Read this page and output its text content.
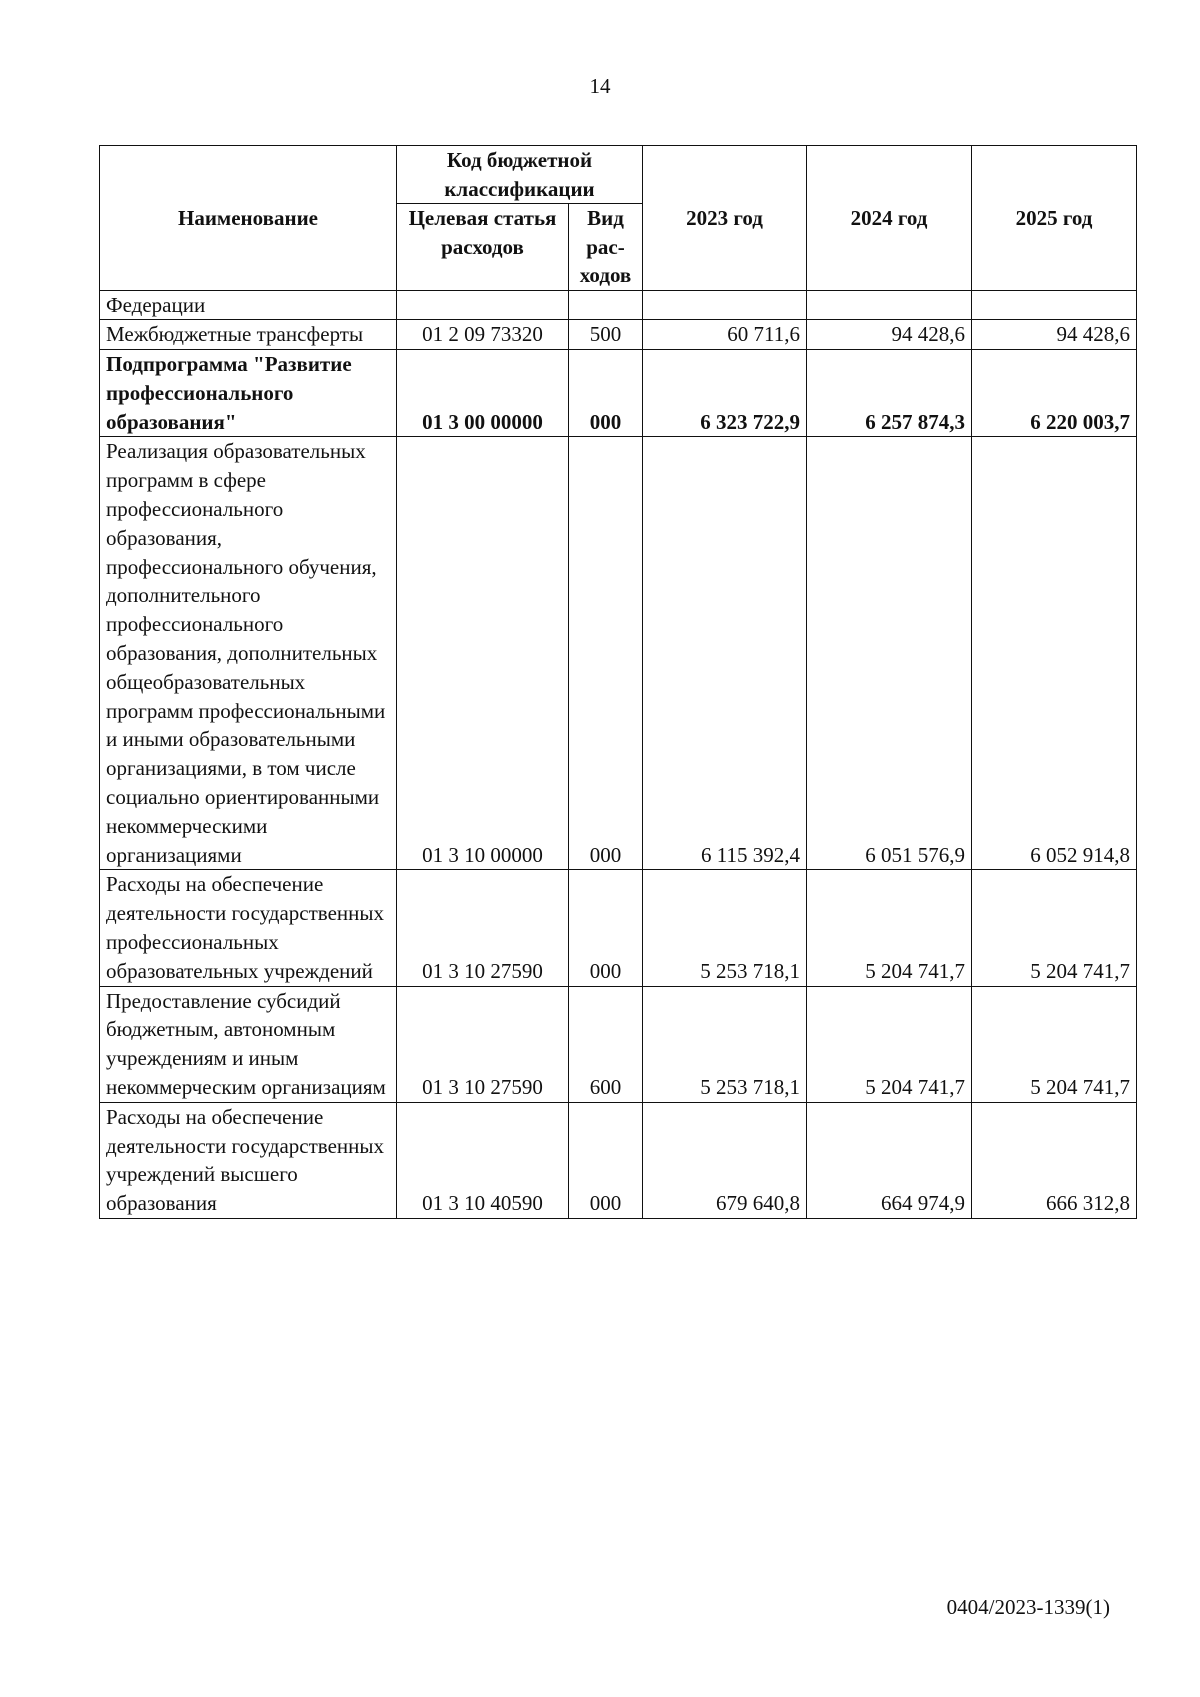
14
Наименование	Код бюджетной классификации		2023 год	2024 год	2025 год
	Целевая статья расходов	Вид рас-ходов			
Федерации					
Межбюджетные трансферты	01 2 09 73320	500	60 711,6	94 428,6	94 428,6
Подпрограмма "Развитие профессионального образования"	01 3 00 00000	000	6 323 722,9	6 257 874,3	6 220 003,7
Реализация образовательных программ в сфере профессионального образования, профессионального обучения, дополнительного профессионального образования, дополнительных общеобразовательных программ профессиональными и иными образовательными организациями, в том числе социально ориентированными некоммерческими организациями	01 3 10 00000	000	6 115 392,4	6 051 576,9	6 052 914,8
Расходы на обеспечение деятельности государственных профессиональных образовательных учреждений	01 3 10 27590	000	5 253 718,1	5 204 741,7	5 204 741,7
Предоставление субсидий бюджетным, автономным учреждениям и иным некоммерческим организациям	01 3 10 27590	600	5 253 718,1	5 204 741,7	5 204 741,7
Расходы на обеспечение деятельности государственных учреждений высшего образования	01 3 10 40590	000	679 640,8	664 974,9	666 312,8
0404/2023-1339(1)
